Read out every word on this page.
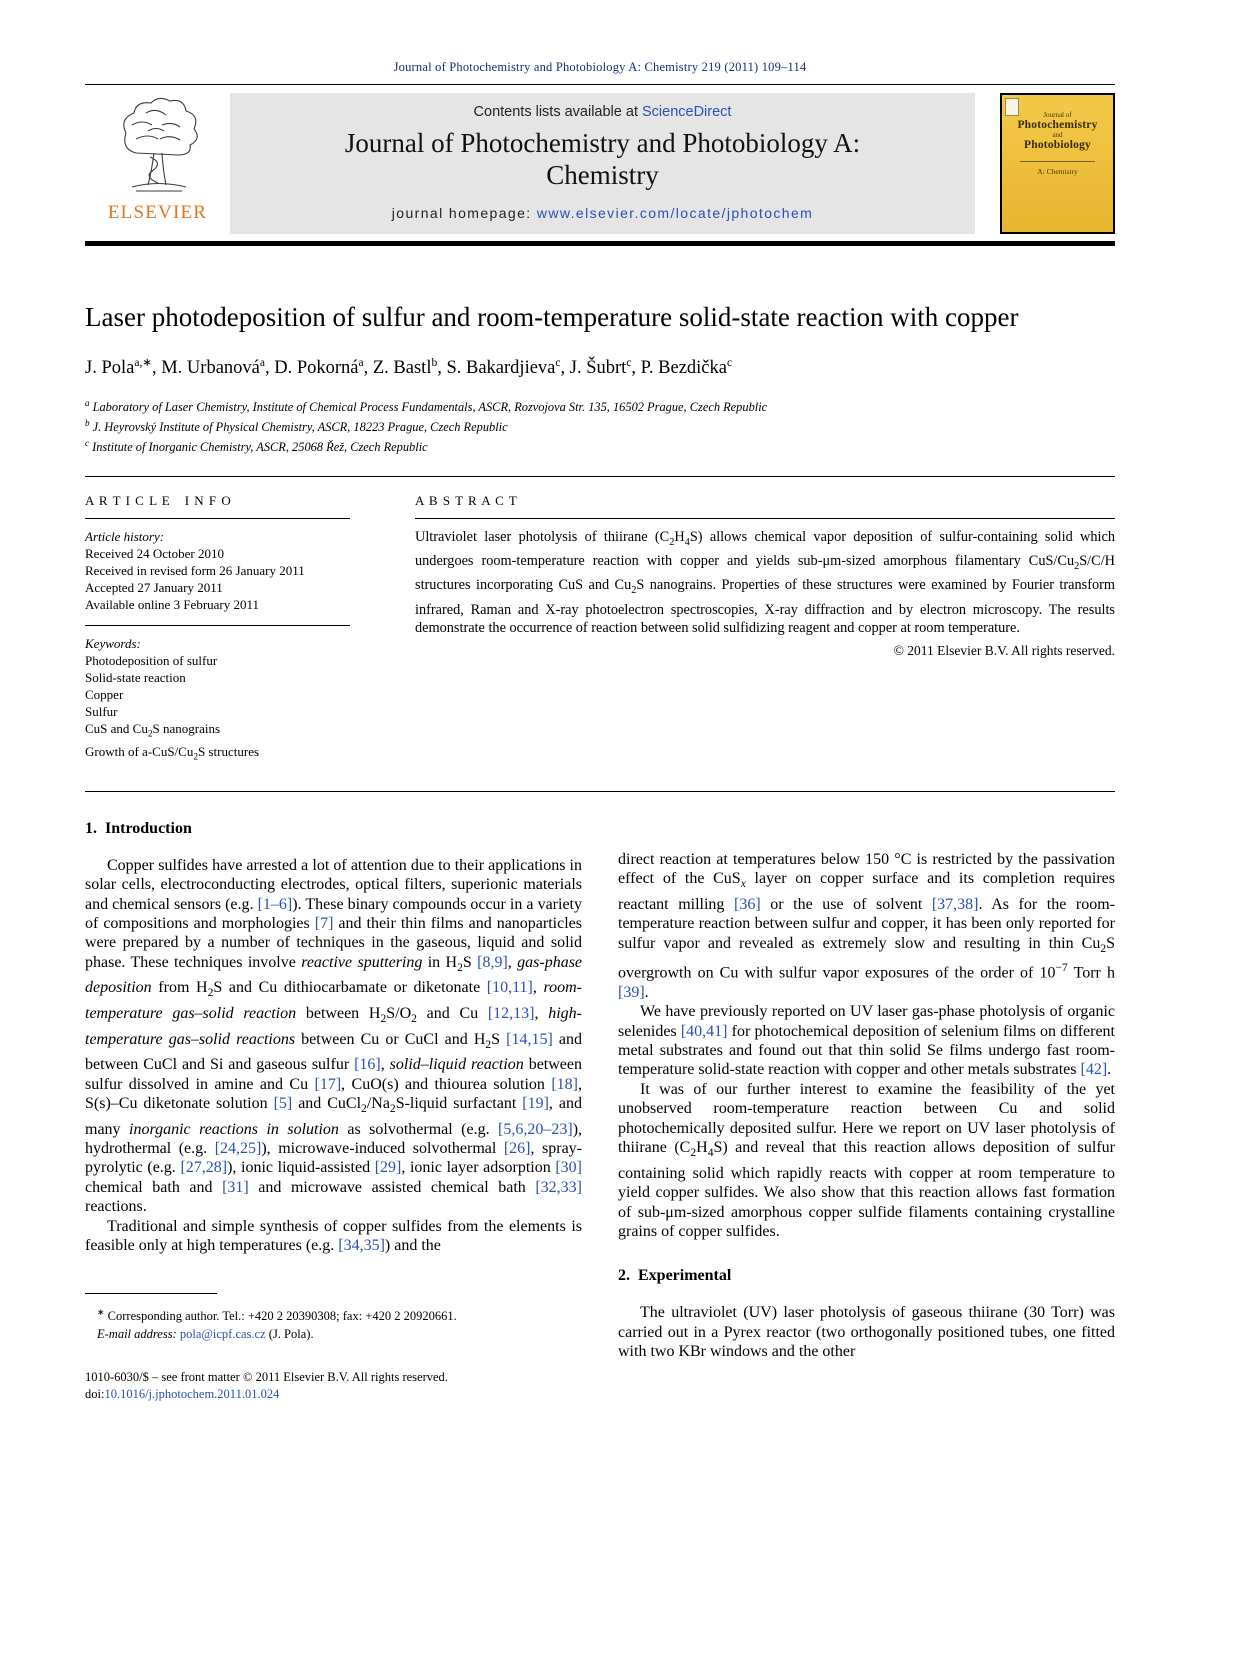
Journal of Photochemistry and Photobiology A: Chemistry 219 (2011) 109–114
ELSEVIER
Contents lists available at ScienceDirect
Journal of Photochemistry and Photobiology A:
Chemistry
journal homepage: www.elsevier.com/locate/jphotochem
Journal of
Photochemistry
and
Photobiology
A: Chemistry
Laser photodeposition of sulfur and room-temperature solid-state reaction with copper
J. Pola$^{a,∗}$, M. Urbanová$^a$, D. Pokorná$^a$, Z. Bastl$^b$, S. Bakardjieva$^c$, J. Šubrt$^c$, P. Bezdička$^c$
$^a$ Laboratory of Laser Chemistry, Institute of Chemical Process Fundamentals, ASCR, Rozvojova Str. 135, 16502 Prague, Czech Republic
$^b$ J. Heyrovský Institute of Physical Chemistry, ASCR, 18223 Prague, Czech Republic
$^c$ Institute of Inorganic Chemistry, ASCR, 25068 Řež, Czech Republic
A R T I C L E I N F O
Article history:
Received 24 October 2010
Received in revised form 26 January 2011
Accepted 27 January 2011
Available online 3 February 2011
Keywords:
Photodeposition of sulfur
Solid-state reaction
Copper
Sulfur
CuS and $Cu_2S$ nanograins
Growth of $a-CuS/Cu_2S$ structures
A B S T R A C T

Ultraviolet laser photolysis of thiirane $(C_2H_4S)$ allows chemical vapor deposition of sulfur-containing solid which undergoes room-temperature reaction with copper and yields sub-μm-sized amorphous filamentary CuS/$Cu_2S/C/H$ structures incorporating CuS and $Cu_2S$ nanograins. Properties of these structures were examined by Fourier transform infrared, Raman and X-ray photoelectron spectroscopies, X-ray diffraction and by electron microscopy. The results demonstrate the occurrence of reaction between solid sulfidizing reagent and copper at room temperature.

© 2011 Elsevier B.V. All rights reserved.
1. Introduction

Copper sulfides have arrested a lot of attention due to their applications in solar cells, electroconducting electrodes, optical filters, superionic materials and chemical sensors (e.g. [1–6]). These binary compounds occur in a variety of compositions and morphologies [7] and their thin films and nanoparticles were prepared by a number of techniques in the gaseous, liquid and solid phase. These techniques involve reactive sputtering in $H_2S$ [8,9], gas-phase deposition from $H_2S$ and Cu dithiocarbamate or diketonate [10,11], room-temperature gas–solid reaction between $H_2S/O_2$ and Cu [12,13], high-temperature gas–solid reactions between Cu or CuCl and $H_2S$ [14,15] and between CuCl and Si and gaseous sulfur [16], solid–liquid reaction between sulfur dissolved in amine and Cu [17], CuO(s) and thiourea solution [18], S(s)–Cu diketonate solution [5] and $CuCl_2/Na_2S$-liquid surfactant [19], and many inorganic reactions in solution as solvothermal (e.g. [5,6,20–23]), hydrothermal (e.g. [24,25]), microwave-induced solvothermal [26], spray-pyrolytic (e.g. [27,28]), ionic liquid-assisted [29], ionic layer adsorption [30] chemical bath and [31] and microwave assisted chemical bath [32,33] reactions.

Traditional and simple synthesis of copper sulfides from the elements is feasible only at high temperatures (e.g. [34,35]) and the

∗ Corresponding author. Tel.: +420 2 20390308; fax: +420 2 20920661.
E-mail address: pola@icpf.cas.cz (J. Pola).
1010-6030/$ – see front matter © 2011 Elsevier B.V. All rights reserved.
doi:10.1016/j.jphotochem.2011.01.024

direct reaction at temperatures below 150 °C is restricted by the passivation effect of the CuS$_x$ layer on copper surface and its completion requires reactant milling [36] or the use of solvent [37,38]. As for the room-temperature reaction between sulfur and copper, it has been only reported for sulfur vapor and revealed as extremely slow and resulting in thin $Cu_2S$ overgrowth on Cu with sulfur vapor exposures of the order of $10^{-7}$ Torr h [39].

We have previously reported on UV laser gas-phase photolysis of organic selenides [40,41] for photochemical deposition of selenium films on different metal substrates and found out that thin solid Se films undergo fast room-temperature solid-state reaction with copper and other metals substrates [42].

It was of our further interest to examine the feasibility of the yet unobserved room-temperature reaction between Cu and solid photochemically deposited sulfur. Here we report on UV laser photolysis of thiirane $(C_2H_4S)$ and reveal that this reaction allows deposition of sulfur containing solid which rapidly reacts with copper at room temperature to yield copper sulfides. We also show that this reaction allows fast formation of sub-μm-sized amorphous copper sulfide filaments containing crystalline grains of copper sulfides.

2. Experimental

The ultraviolet (UV) laser photolysis of gaseous thiirane (30 Torr) was carried out in a Pyrex reactor (two orthogonally positioned tubes, one fitted with two KBr windows and the other
